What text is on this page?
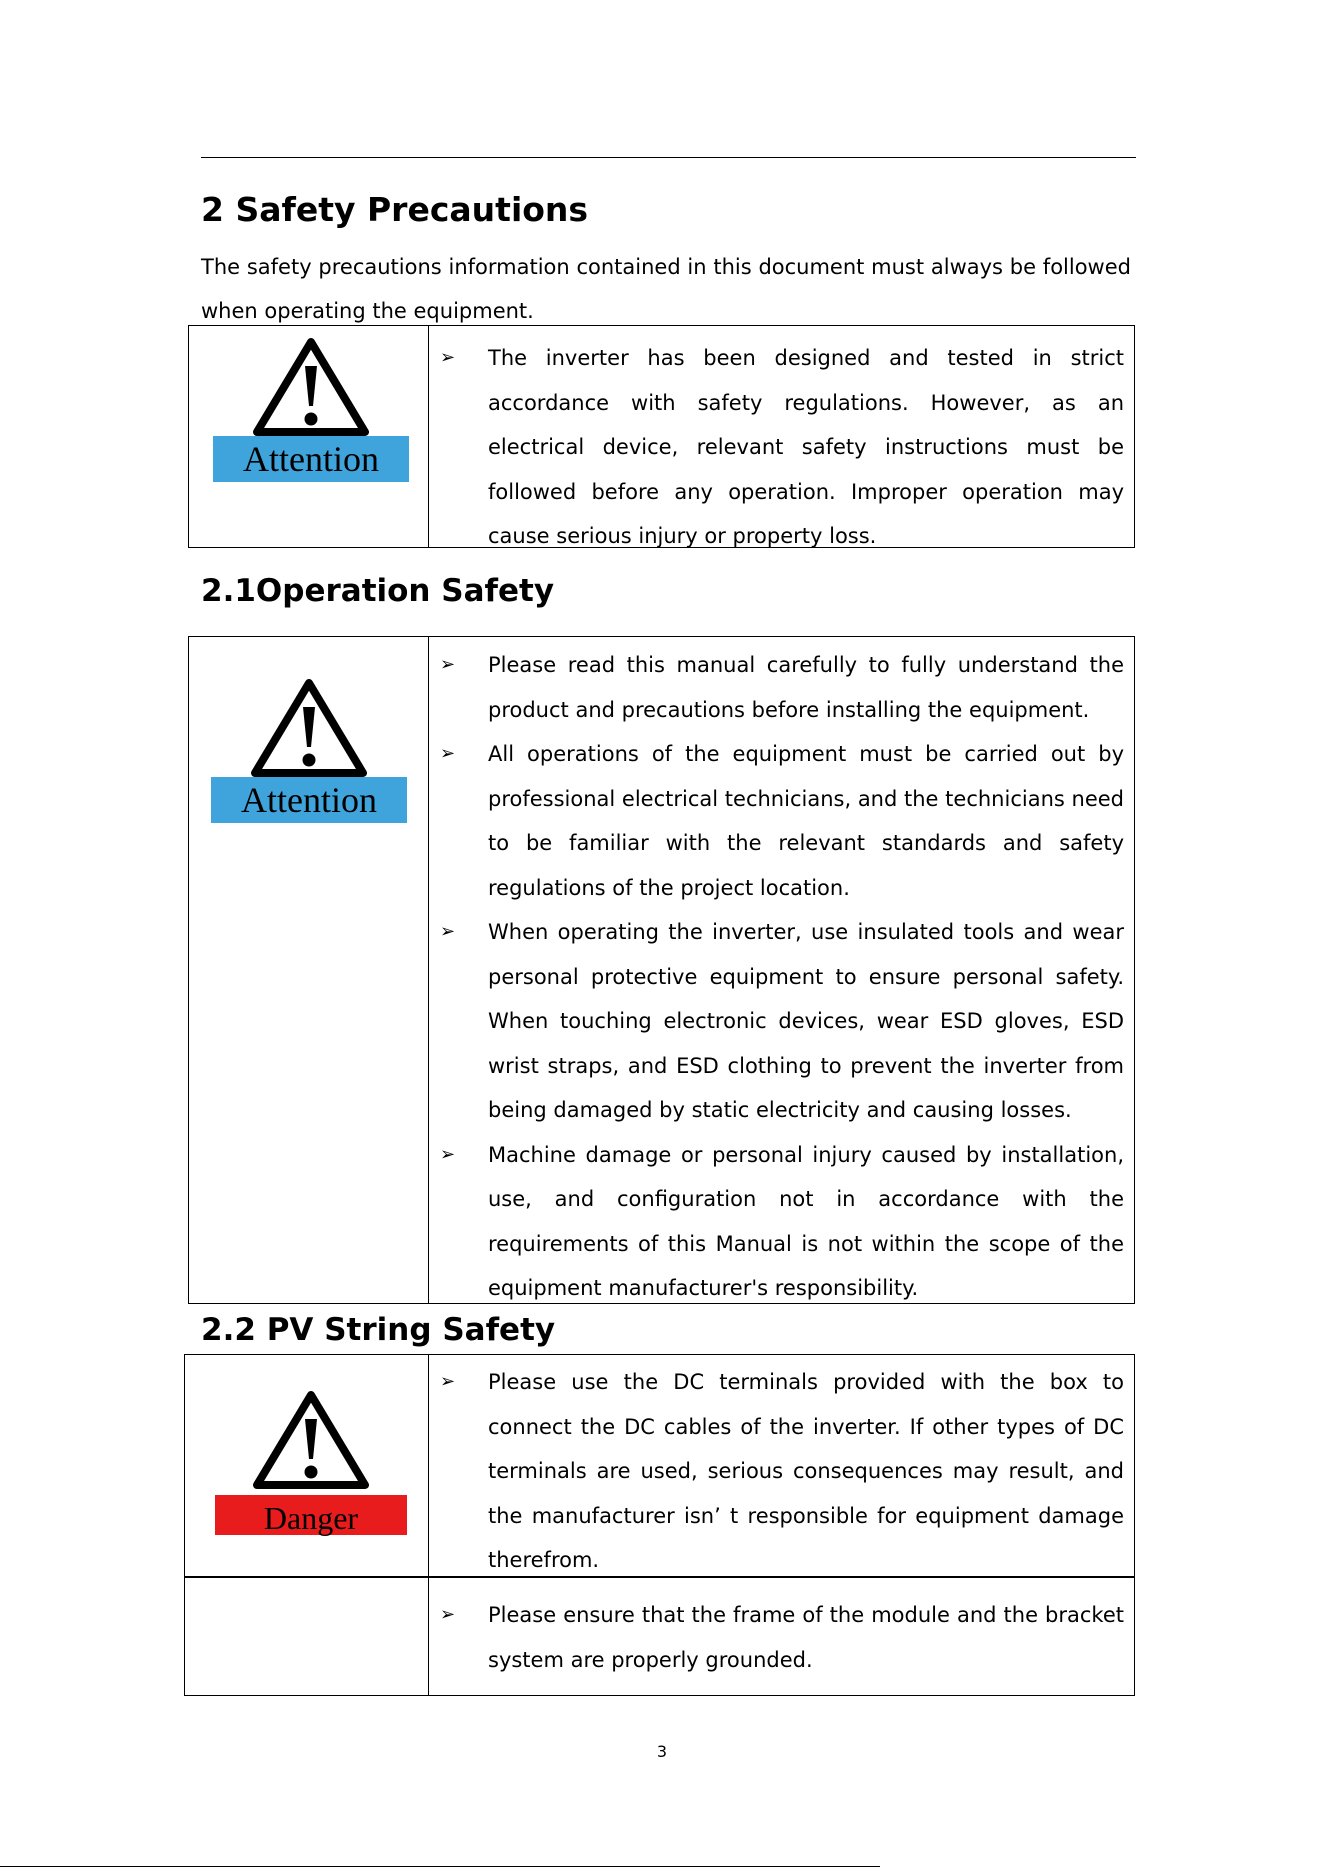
2 Safety Precautions

The safety precautions information contained in this document must always be followed when operating the equipment.

Attention
➢ The inverter has been designed and tested in strict accordance with safety regulations. However, as an electrical device, relevant safety instructions must be followed before any operation. Improper operation may cause serious injury or property loss.
2.1Operation Safety
Attention
➢ Please read this manual carefully to fully understand the product and precautions before installing the equipment.
➢ All operations of the equipment must be carried out by professional electrical technicians, and the technicians need to be familiar with the relevant standards and safety regulations of the project location.
➢ When operating the inverter, use insulated tools and wear personal protective equipment to ensure personal safety. When touching electronic devices, wear ESD gloves, ESD wrist straps, and ESD clothing to prevent the inverter from being damaged by static electricity and causing losses.
➢ Machine damage or personal injury caused by installation, use, and configuration not in accordance with the requirements of this Manual is not within the scope of the equipment manufacturer's responsibility.
2.2 PV String Safety
Danger
➢ Please use the DC terminals provided with the box to connect the DC cables of the inverter. If other types of DC terminals are used, serious consequences may result, and the manufacturer isn’ t responsible for equipment damage therefrom.
➢ Please ensure that the frame of the module and the bracket system are properly grounded.
3
